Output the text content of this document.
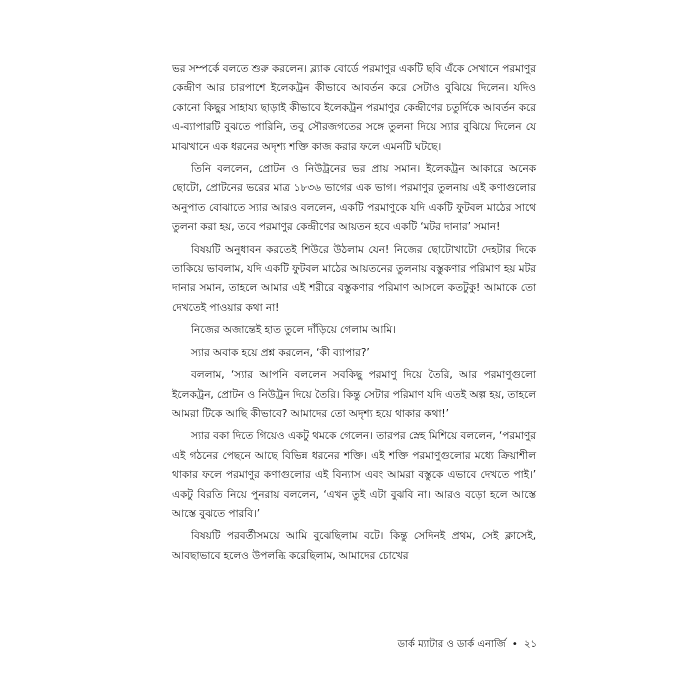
ভর সম্পর্কে বলতে শুরু করলেন। ব্ল্যাক বোর্ডে পরমাণুর একটি ছবি এঁকে সেখানে পরমাণুর কেন্দ্রীণ আর চারপাশে ইলেকট্রন কীভাবে আবর্তন করে সেটাও বুঝিয়ে দিলেন। যদিও কোনো কিছুর সাহায্য ছাড়াই কীভাবে ইলেকট্রন পরমাণুর কেন্দ্রীণের চতুর্দিকে আবর্তন করে এ-ব্যাপারটি বুঝতে পারিনি, তবু সৌরজগতের সঙ্গে তুলনা দিয়ে স্যার বুঝিয়ে দিলেন যে মাঝখানে এক ধরনের অদৃশ্য শক্তি কাজ করার ফলে এমনটি ঘটছে।

তিনি বললেন, প্রোটন ও নিউট্রনের ভর প্রায় সমান। ইলেকট্রন আকারে অনেক ছোটো, প্রোটনের ভরের মাত্র ১৮৩৬ ভাগের এক ভাগ। পরমাণুর তুলনায় এই কণাগুলোর অনুপাত বোঝাতে স্যার আরও বললেন, একটি পরমাণুকে যদি একটি ফুটবল মাঠের সাথে তুলনা করা হয়, তবে পরমাণুর কেন্দ্রীণের আয়তন হবে একটি ‘মটর দানার’ সমান!

বিষয়টি অনুধাবন করতেই শিউরে উঠলাম যেন! নিজের ছোটোখাটো দেহটার দিকে তাকিয়ে ভাবলাম, যদি একটি ফুটবল মাঠের আয়তনের তুলনায় বস্তুকণার পরিমাণ হয় মটর দানার সমান, তাহলে আমার এই শরীরে বস্তুকণার পরিমাণ আসলে কতটুকু! আমাকে তো দেখতেই পাওয়ার কথা না!

নিজের অজান্তেই হাত তুলে দাঁড়িয়ে গেলাম আমি।

স্যার অবাক হয়ে প্রশ্ন করলেন, ‘কী ব্যাপার?’

বললাম, ‘স্যার আপনি বললেন সবকিছু পরমাণু দিয়ে তৈরি, আর পরমাণুগুলো ইলেকট্রন, প্রোটন ও নিউট্রন দিয়ে তৈরি। কিন্তু সেটার পরিমাণ যদি এতই অল্প হয়, তাহলে আমরা টিকে আছি কীভাবে? আমাদের তো অদৃশ্য হয়ে থাকার কথা!’

স্যার বকা দিতে গিয়েও একটু থমকে গেলেন। তারপর স্নেহ মিশিয়ে বললেন, ‘পরমাণুর এই গঠনের পেছনে আছে বিভিন্ন ধরনের শক্তি। এই শক্তি পরমাণুগুলোর মধ্যে ক্রিয়াশীল থাকার ফলে পরমাণুর কণাগুলোর এই বিন্যাস এবং আমরা বস্তুকে এভাবে দেখতে পাই।’ একটু বিরতি নিয়ে পুনরায় বললেন, ‘এখন তুই এটা বুঝবি না। আরও বড়ো হলে আস্তে আস্তে বুঝতে পারবি।’

বিষয়টি পরবর্তীসময়ে আমি বুঝেছিলাম বটে। কিন্তু সেদিনই প্রথম, সেই ক্লাসেই, আবছাভাবে হলেও উপলব্ধি করেছিলাম, আমাদের চোখের

ডার্ক ম্যাটার ও ডার্ক এনার্জি • ২১
